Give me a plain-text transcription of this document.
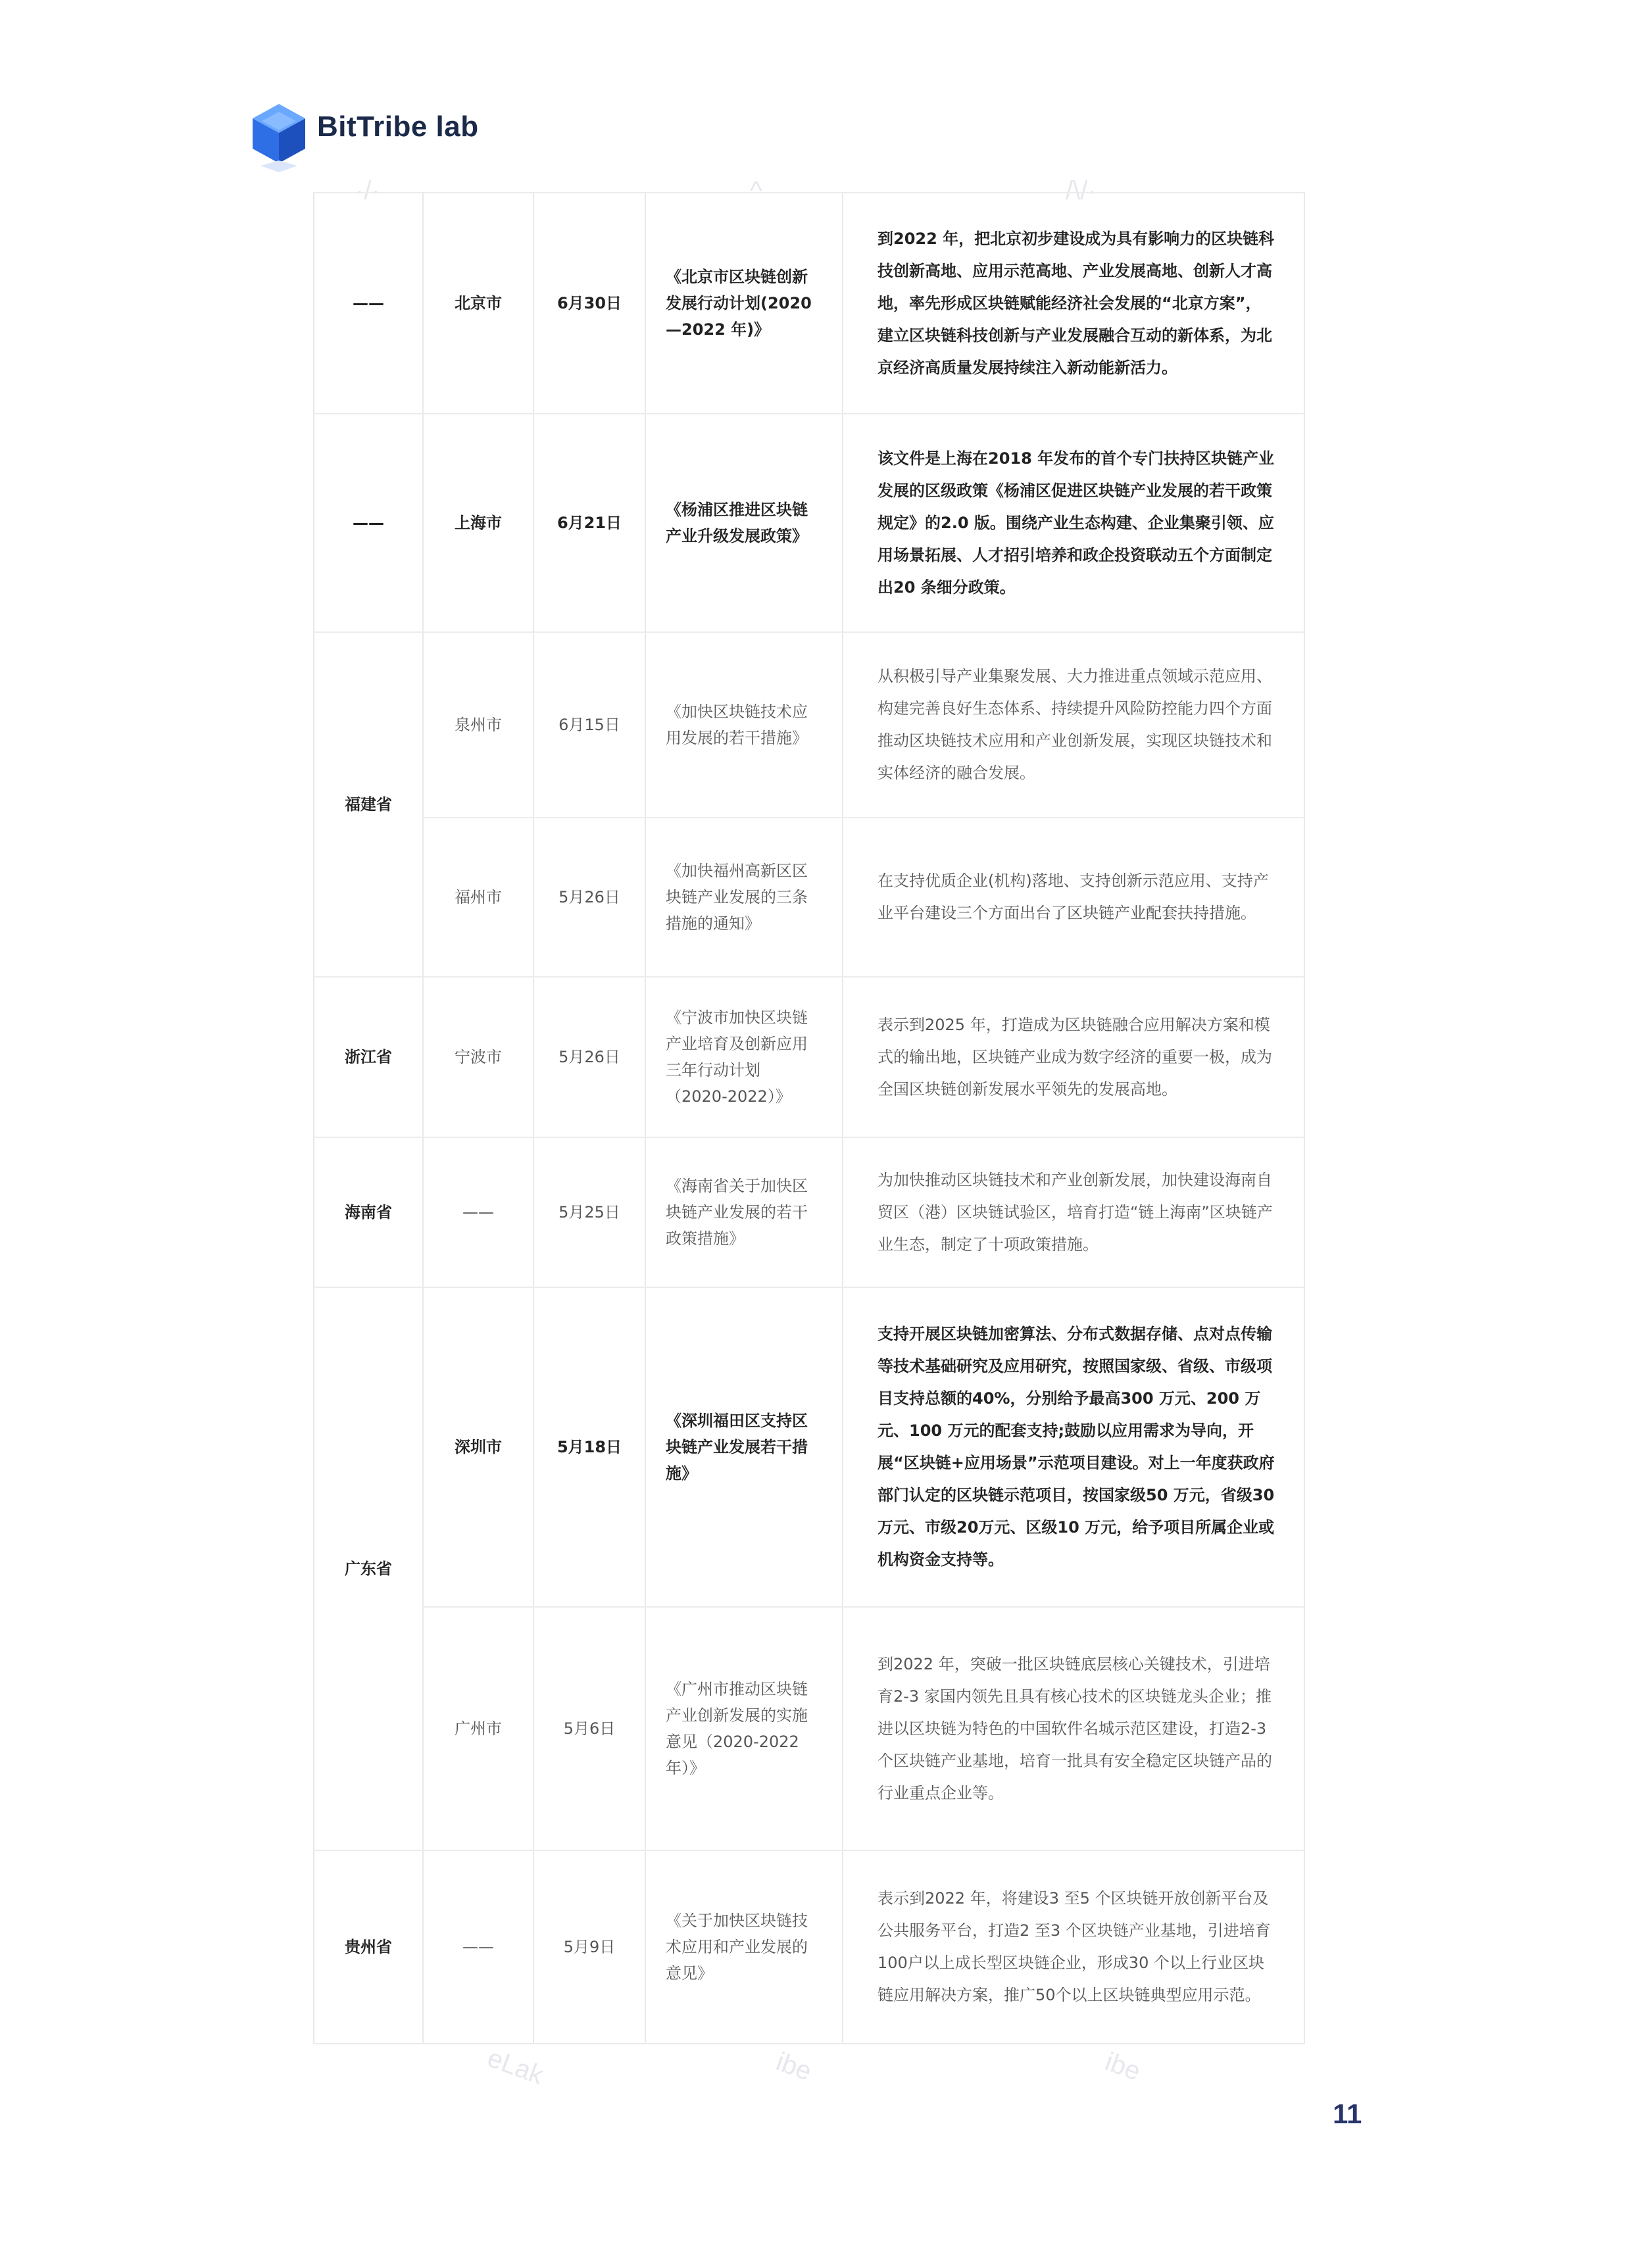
BitTribe lab
·/·	^	/\/·
eLak	ibe	ibe
——	北京市	6月30日	《北京市区块链创新发展行动计划(2020—2022 年)》	到2022 年，把北京初步建设成为具有影响力的区块链科技创新高地、应用示范高地、产业发展高地、创新人才高地，率先形成区块链赋能经济社会发展的“北京方案”，建立区块链科技创新与产业发展融合互动的新体系，为北京经济高质量发展持续注入新动能新活力。
——	上海市	6月21日	《杨浦区推进区块链产业升级发展政策》	该文件是上海在2018 年发布的首个专门扶持区块链产业发展的区级政策《杨浦区促进区块链产业发展的若干政策规定》的2.0 版。围绕产业生态构建、企业集聚引领、应用场景拓展、人才招引培养和政企投资联动五个方面制定出20 条细分政策。
福建省	泉州市	6月15日	《加快区块链技术应用发展的若干措施》	从积极引导产业集聚发展、大力推进重点领域示范应用、构建完善良好生态体系、持续提升风险防控能力四个方面推动区块链技术应用和产业创新发展，实现区块链技术和实体经济的融合发展。
	福州市	5月26日	《加快福州高新区区块链产业发展的三条措施的通知》	在支持优质企业(机构)落地、支持创新示范应用、支持产业平台建设三个方面出台了区块链产业配套扶持措施。
浙江省	宁波市	5月26日	《宁波市加快区块链产业培育及创新应用三年行动计划（2020-2022）》	表示到2025 年，打造成为区块链融合应用解决方案和模式的输出地，区块链产业成为数字经济的重要一极，成为全国区块链创新发展水平领先的发展高地。
海南省	——	5月25日	《海南省关于加快区块链产业发展的若干政策措施》	为加快推动区块链技术和产业创新发展，加快建设海南自贸区（港）区块链试验区，培育打造“链上海南”区块链产业生态，制定了十项政策措施。
广东省	深圳市	5月18日	《深圳福田区支持区块链产业发展若干措施》	支持开展区块链加密算法、分布式数据存储、点对点传输等技术基础研究及应用研究，按照国家级、省级、市级项目支持总额的40%，分别给予最高300 万元、200 万元、100 万元的配套支持;鼓励以应用需求为导向，开展“区块链+应用场景”示范项目建设。对上一年度获政府部门认定的区块链示范项目，按国家级50 万元，省级30 万元、市级20万元、区级10 万元，给予项目所属企业或机构资金支持等。
	广州市	5月6日	《广州市推动区块链产业创新发展的实施意见（2020-2022 年）》	到2022 年，突破一批区块链底层核心关键技术，引进培育2-3 家国内领先且具有核心技术的区块链龙头企业；推进以区块链为特色的中国软件名城示范区建设，打造2-3 个区块链产业基地，培育一批具有安全稳定区块链产品的行业重点企业等。
贵州省	——	5月9日	《关于加快区块链技术应用和产业发展的意见》	表示到2022 年，将建设3 至5 个区块链开放创新平台及公共服务平台，打造2 至3 个区块链产业基地，引进培育100户以上成长型区块链企业，形成30 个以上行业区块链应用解决方案，推广50个以上区块链典型应用示范。
11
